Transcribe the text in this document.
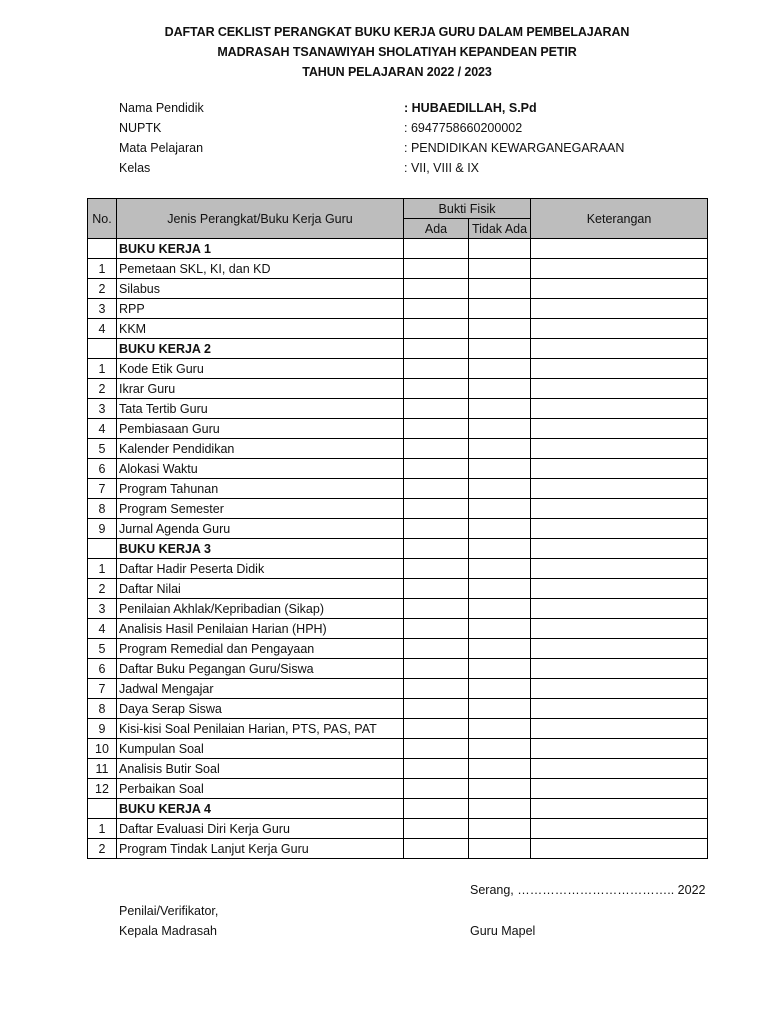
DAFTAR CEKLIST PERANGKAT BUKU KERJA GURU DALAM PEMBELAJARAN
MADRASAH TSANAWIYAH SHOLATIYAH KEPANDEAN PETIR
TAHUN PELAJARAN 2022 / 2023
Nama Pendidik	: HUBAEDILLAH, S.Pd
NUPTK	: 6947758660200002
Mata Pelajaran	: PENDIDIKAN KEWARGANEGARAAN
Kelas	: VII, VIII & IX
No.	Jenis Perangkat/Buku Kerja Guru	Bukti Fisik		Keterangan
		Ada	Tidak Ada	
	BUKU KERJA 1			
1	Pemetaan SKL, KI, dan KD			
2	Silabus			
3	RPP			
4	KKM			
	BUKU KERJA 2			
1	Kode Etik Guru			
2	Ikrar Guru			
3	Tata Tertib Guru			
4	Pembiasaan Guru			
5	Kalender Pendidikan			
6	Alokasi Waktu			
7	Program Tahunan			
8	Program Semester			
9	Jurnal Agenda Guru			
	BUKU KERJA 3			
1	Daftar Hadir Peserta Didik			
2	Daftar Nilai			
3	Penilaian Akhlak/Kepribadian (Sikap)			
4	Analisis Hasil Penilaian Harian (HPH)			
5	Program Remedial dan Pengayaan			
6	Daftar Buku Pegangan Guru/Siswa			
7	Jadwal Mengajar			
8	Daya Serap Siswa			
9	Kisi-kisi Soal Penilaian Harian, PTS, PAS, PAT			
10	Kumpulan Soal			
11	Analisis Butir Soal			
12	Perbaikan Soal			
	BUKU KERJA 4			
1	Daftar Evaluasi Diri Kerja Guru			
2	Program Tindak Lanjut Kerja Guru			
Serang, ……………………………….. 2022
Penilai/Verifikator,
Kepala Madrasah	Guru Mapel
